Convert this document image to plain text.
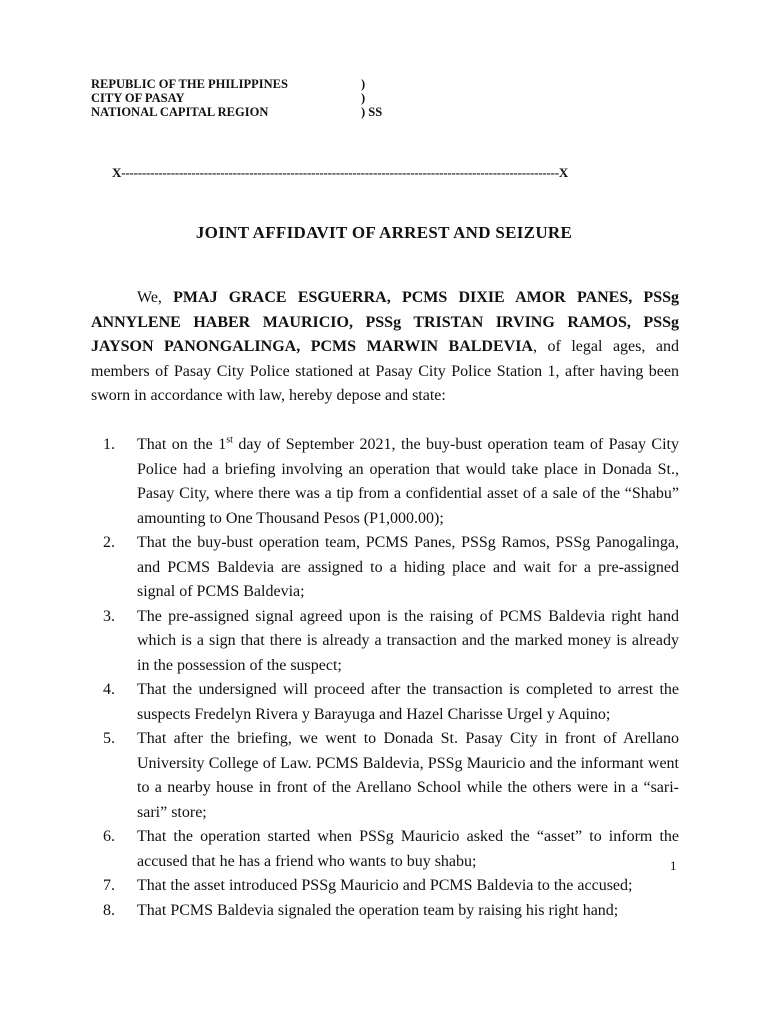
REPUBLIC OF THE PHILIPPINES	)
CITY OF PASAY	)
NATIONAL CAPITAL REGION	) SS
X----------------------------------------------------------------------------------------------------------X
JOINT AFFIDAVIT OF ARREST AND SEIZURE

We, PMAJ GRACE ESGUERRA, PCMS DIXIE AMOR PANES, PSSg ANNYLENE HABER MAURICIO, PSSg TRISTAN IRVING RAMOS, PSSg JAYSON PANONGALINGA, PCMS MARWIN BALDEVIA, of legal ages, and members of Pasay City Police stationed at Pasay City Police Station 1, after having been sworn in accordance with law, hereby depose and state:

1.	That on the 1st day of September 2021, the buy-bust operation team of Pasay City Police had a briefing involving an operation that would take place in Donada St., Pasay City, where there was a tip from a confidential asset of a sale of the “Shabu” amounting to One Thousand Pesos (P1,000.00);
2.	That the buy-bust operation team, PCMS Panes, PSSg Ramos, PSSg Panogalinga, and PCMS Baldevia are assigned to a hiding place and wait for a pre-assigned signal of PCMS Baldevia;
3.	The pre-assigned signal agreed upon is the raising of PCMS Baldevia right hand which is a sign that there is already a transaction and the marked money is already in the possession of the suspect;
4.	That the undersigned will proceed after the transaction is completed to arrest the suspects Fredelyn Rivera y Barayuga and Hazel Charisse Urgel y Aquino;
5.	That after the briefing, we went to Donada St. Pasay City in front of Arellano University College of Law. PCMS Baldevia, PSSg Mauricio and the informant went to a nearby house in front of the Arellano School while the others were in a “sari-sari” store;
6.	That the operation started when PSSg Mauricio asked the “asset” to inform the accused that he has a friend who wants to buy shabu;
7.	That the asset introduced PSSg Mauricio and PCMS Baldevia to the accused;
8.	That PCMS Baldevia signaled the operation team by raising his right hand;
1
